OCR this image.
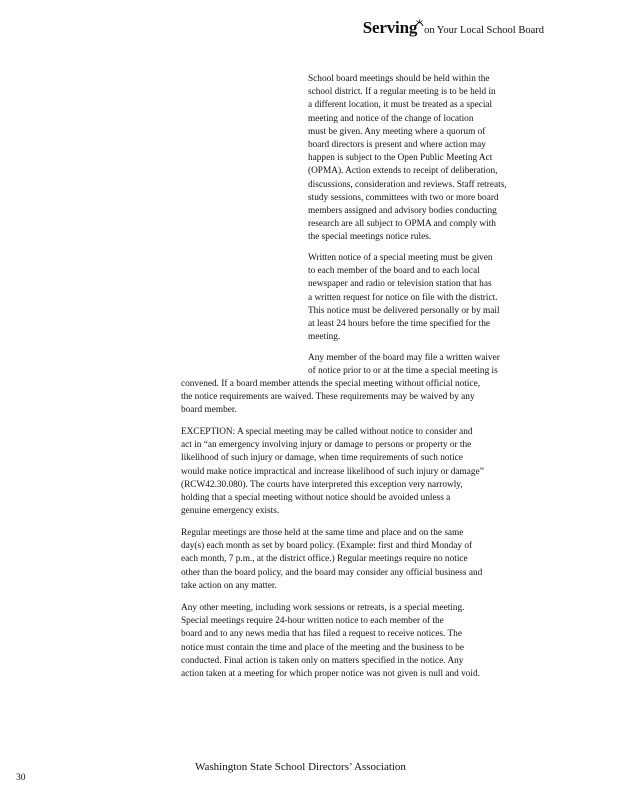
Serving on Your Local School Board
School board meetings should be held within the
school district. If a regular meeting is to be held in
a different location, it must be treated as a special
meeting and notice of the change of location
must be given. Any meeting where a quorum of
board directors is present and where action may
happen is subject to the Open Public Meeting Act
(OPMA). Action extends to receipt of deliberation,
discussions, consideration and reviews. Staff retreats,
study sessions, committees with two or more board
members assigned and advisory bodies conducting
research are all subject to OPMA and comply with
the special meetings notice rules.
Written notice of a special meeting must be given
to each member of the board and to each local
newspaper and radio or television station that has
a written request for notice on file with the district.
This notice must be delivered personally or by mail
at least 24 hours before the time specified for the
meeting.
Any member of the board may file a written waiver
of notice prior to or at the time a special meeting is
convened. If a board member attends the special meeting without official notice,
the notice requirements are waived. These requirements may be waived by any
board member.
EXCEPTION: A special meeting may be called without notice to consider and
act in “an emergency involving injury or damage to persons or property or the
likelihood of such injury or damage, when time requirements of such notice
would make notice impractical and increase likelihood of such injury or damage”
(RCW42.30.080). The courts have interpreted this exception very narrowly,
holding that a special meeting without notice should be avoided unless a
genuine emergency exists.
Regular meetings are those held at the same time and place and on the same
day(s) each month as set by board policy. (Example: first and third Monday of
each month, 7 p.m., at the district office.) Regular meetings require no notice
other than the board policy, and the board may consider any official business and
take action on any matter.
Any other meeting, including work sessions or retreats, is a special meeting.
Special meetings require 24-hour written notice to each member of the
board and to any news media that has filed a request to receive notices. The
notice must contain the time and place of the meeting and the business to be
conducted. Final action is taken only on matters specified in the notice. Any
action taken at a meeting for which proper notice was not given is null and void.
Washington State School Directors’ Association
30
